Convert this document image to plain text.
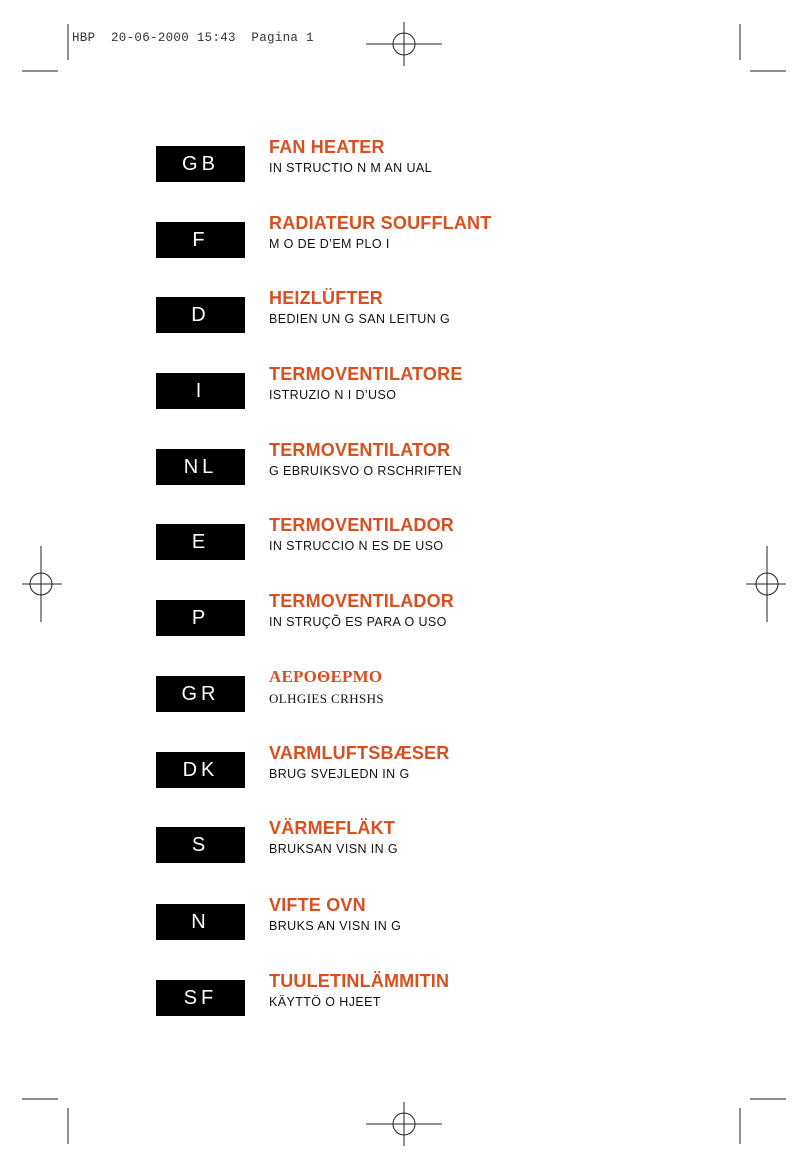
HBP  20-06-2000 15:43  Pagina 1
GB
FAN HEATER
IN STRUCTIO N M AN UAL
F
RADIATEUR SOUFFLANT
M O DE D’EM PLO I
D
HEIZLÜFTER
BEDIEN UN G SAN LEITUN G
I
TERMOVENTILATORE
ISTRUZIO N I D’USO
NL
TERMOVENTILATOR
G EBRUIKSVO O RSCHRIFTEN
E
TERMOVENTILADOR
IN STRUCCIO N ES DE USO
P
TERMOVENTILADOR
IN STRUÇÕ ES PARA O USO
GR
ΑΕΡΟΘΕΡΜΟ
OLHGIES CRHSHS
DK
VARMLUFTSBÆSER
BRUG SVEJLEDN IN G
S
VÄRMEFLÄKT
BRUKSAN VISN IN G
N
VIFTE OVN
BRUKS AN VISN IN G
SF
TUULETINLÄMMITIN
KÄYTTÖ O HJEET
